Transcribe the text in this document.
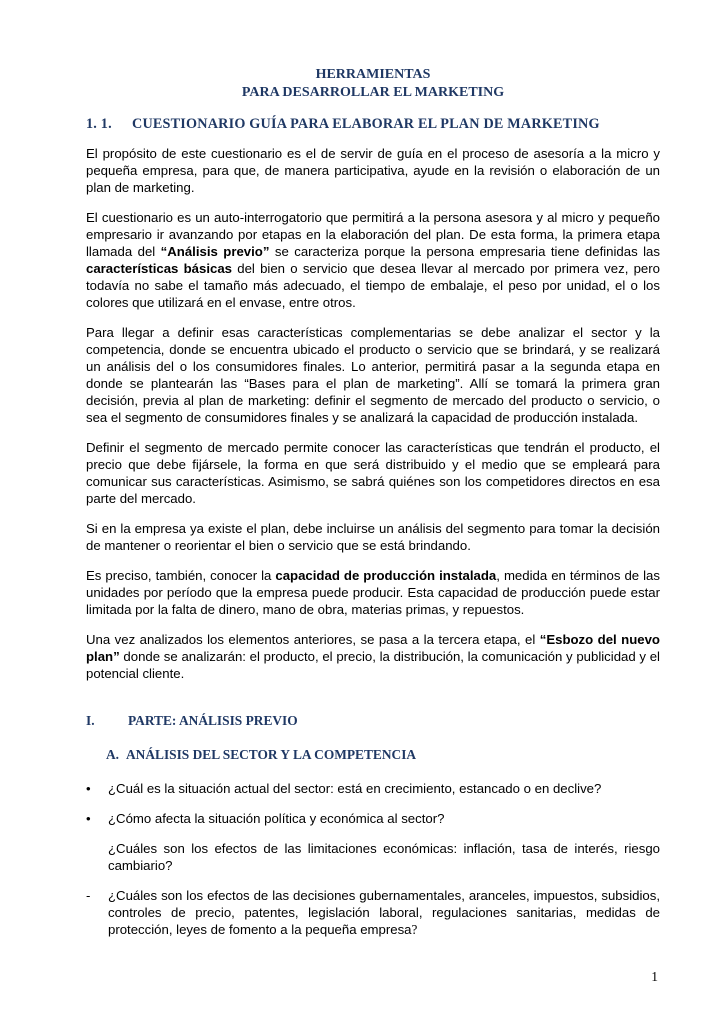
HERRAMIENTAS
PARA DESARROLLAR EL MARKETING
1. 1. CUESTIONARIO GUÍA PARA ELABORAR EL PLAN DE MARKETING

El propósito de este cuestionario es el de servir de guía en el proceso de asesoría a la micro y pequeña empresa, para que, de manera participativa, ayude en la revisión o elaboración de un plan de marketing.

El cuestionario es un auto-interrogatorio que permitirá a la persona asesora y al micro y pequeño empresario ir avanzando por etapas en la elaboración del plan. De esta forma, la primera etapa llamada del “Análisis previo” se caracteriza porque la persona empresaria tiene definidas las características básicas del bien o servicio que desea llevar al mercado por primera vez, pero todavía no sabe el tamaño más adecuado, el tiempo de embalaje, el peso por unidad, el o los colores que utilizará en el envase, entre otros.

Para llegar a definir esas características complementarias se debe analizar el sector y la competencia, donde se encuentra ubicado el producto o servicio que se brindará, y se realizará un análisis del o los consumidores finales. Lo anterior, permitirá pasar a la segunda etapa en donde se plantearán las “Bases para el plan de marketing”. Allí se tomará la primera gran decisión, previa al plan de marketing: definir el segmento de mercado del producto o servicio, o sea el segmento de consumidores finales y se analizará la capacidad de producción instalada.

Definir el segmento de mercado permite conocer las características que tendrán el producto, el precio que debe fijársele, la forma en que será distribuido y el medio que se empleará para comunicar sus características. Asimismo, se sabrá quiénes son los competidores directos en esa parte del mercado.

Si en la empresa ya existe el plan, debe incluirse un análisis del segmento para tomar la decisión de mantener o reorientar el bien o servicio que se está brindando.

Es preciso, también, conocer la capacidad de producción instalada, medida en términos de las unidades por período que la empresa puede producir. Esta capacidad de producción puede estar limitada por la falta de dinero, mano de obra, materias primas, y repuestos.

Una vez analizados los elementos anteriores, se pasa a la tercera etapa, el “Esbozo del nuevo plan” donde se analizarán: el producto, el precio, la distribución, la comunicación y publicidad y el potencial cliente.

I. PARTE: ANÁLISIS PREVIO
A. ANÁLISIS DEL SECTOR Y LA COMPETENCIA
• ¿Cuál es la situación actual del sector: está en crecimiento, estancado o en declive?
• ¿Cómo afecta la situación política y económica al sector?
¿Cuáles son los efectos de las limitaciones económicas: inflación, tasa de interés, riesgo cambiario?
- ¿Cuáles son los efectos de las decisiones gubernamentales, aranceles, impuestos, subsidios, controles de precio, patentes, legislación laboral, regulaciones sanitarias, medidas de protección, leyes de fomento a la pequeña empresa?
1
